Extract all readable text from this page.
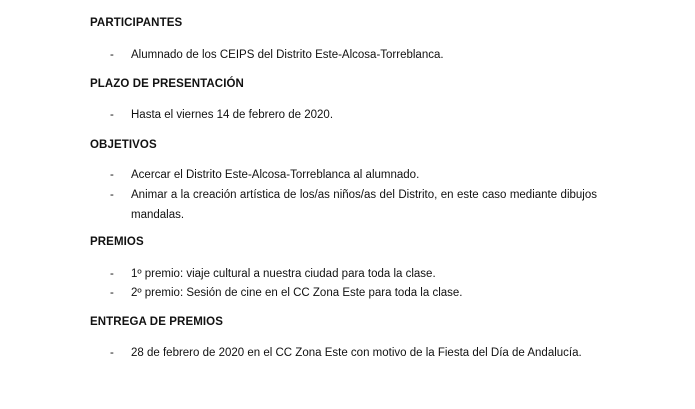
PARTICIPANTES
-	Alumnado de los CEIPS del Distrito Este-Alcosa-Torreblanca.
PLAZO DE PRESENTACIÓN
-	Hasta el viernes 14 de febrero de 2020.
OBJETIVOS
-	Acercar el Distrito Este-Alcosa-Torreblanca al alumnado.
-	Animar a la creación artística de los/as niños/as del Distrito, en este caso mediante dibujos mandalas.
PREMIOS
-	1º premio: viaje cultural a nuestra ciudad para toda la clase.
-	2º premio: Sesión de cine en el CC Zona Este para toda la clase.
ENTREGA DE PREMIOS
-	28 de febrero de 2020 en el CC Zona Este con motivo de la Fiesta del Día de Andalucía.
